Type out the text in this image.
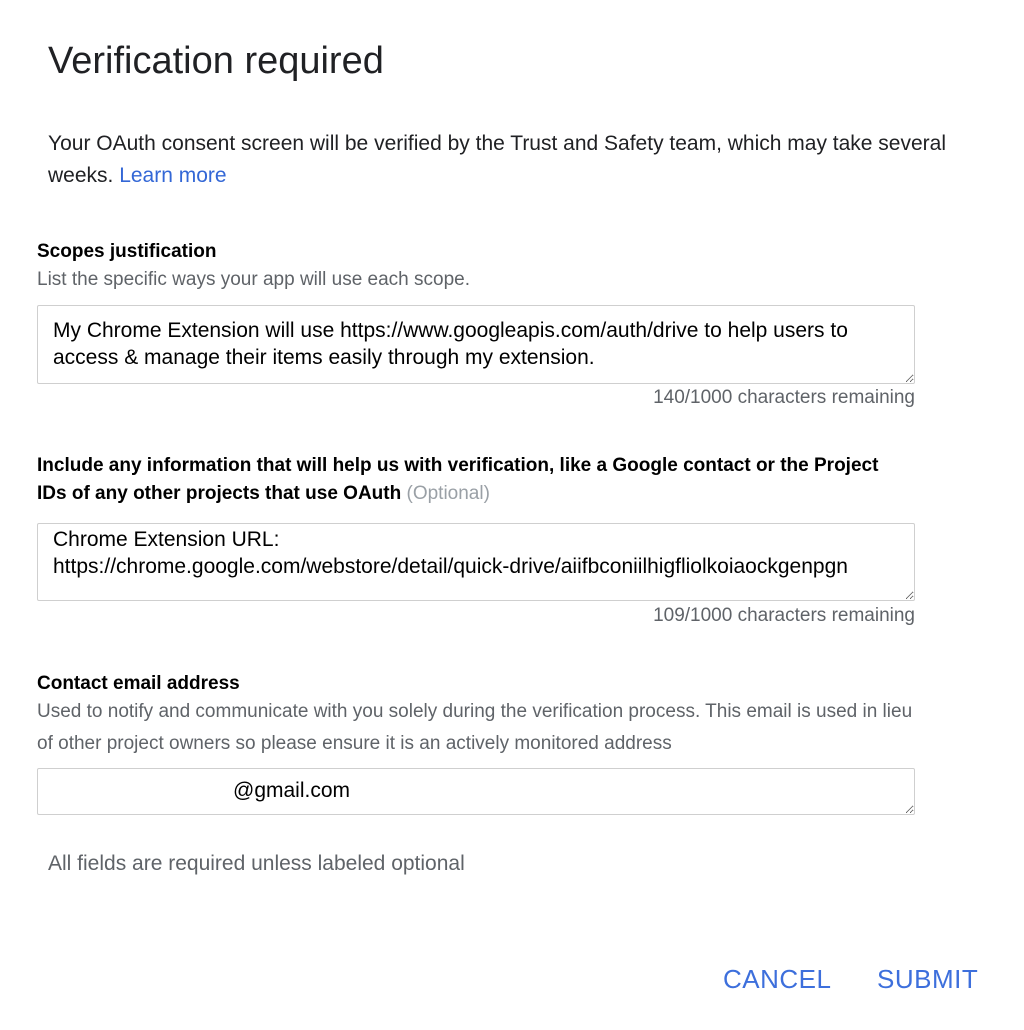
Verification required
Your OAuth consent screen will be verified by the Trust and Safety team, which may take several weeks. Learn more
Scopes justification
List the specific ways your app will use each scope.
My Chrome Extension will use https://www.googleapis.com/auth/drive to help users to access & manage their items easily through my extension.
140/1000 characters remaining
Include any information that will help us with verification, like a Google contact or the Project IDs of any other projects that use OAuth (Optional)
Chrome Extension URL: https://chrome.google.com/webstore/detail/quick-drive/aiifbconiilhigfliolkoiaockgenpgn
109/1000 characters remaining
Contact email address
Used to notify and communicate with you solely during the verification process. This email is used in lieu of other project owners so please ensure it is an actively monitored address
@gmail.com
All fields are required unless labeled optional
CANCEL SUBMIT
